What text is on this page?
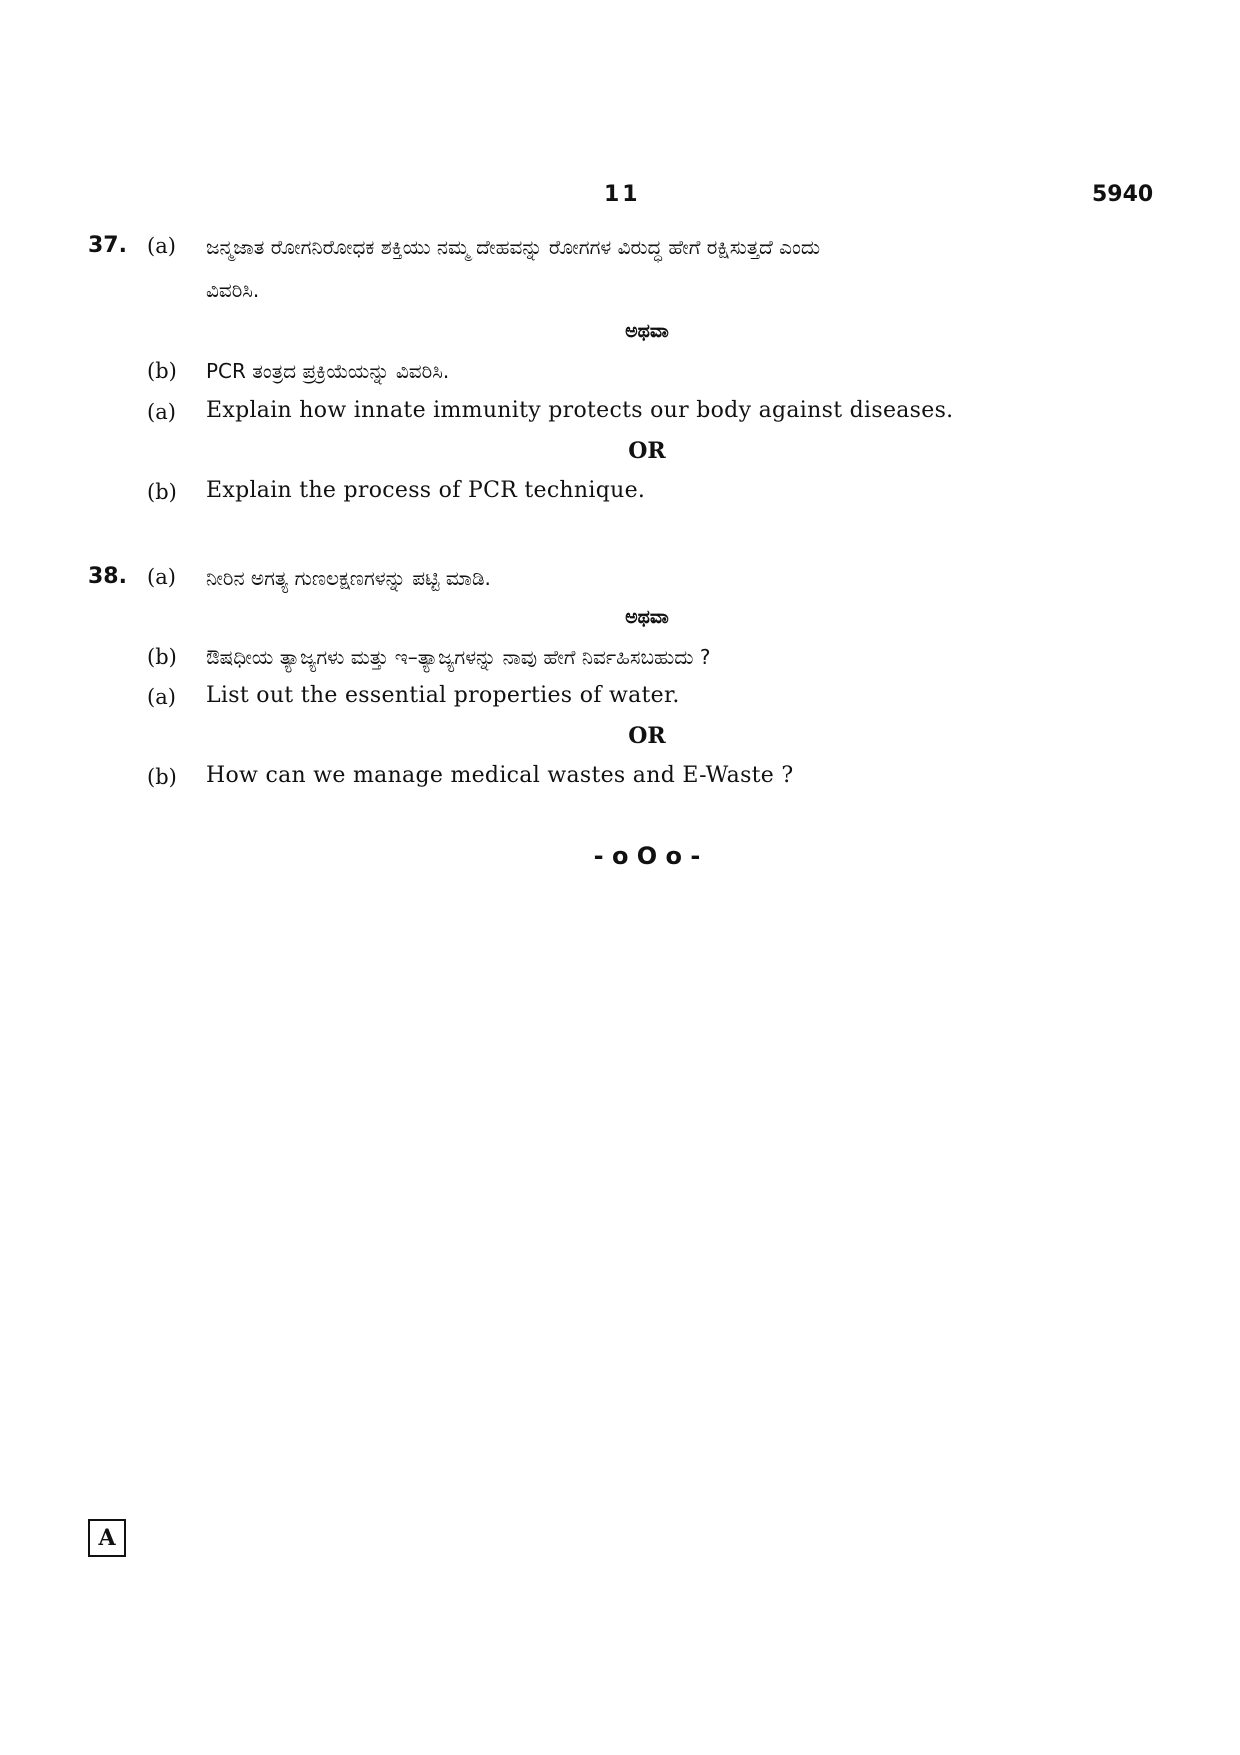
11	5940
37. (a) ಜನ್ಮಜಾತ ರೋಗನಿರೋಧಕ ಶಕ್ತಿಯು ನಮ್ಮ ದೇಹವನ್ನು ರೋಗಗಳ ವಿರುದ್ಧ ಹೇಗೆ ರಕ್ಷಿಸುತ್ತದೆ ಎಂದು
ವಿವರಿಸಿ.
ಅಥವಾ
(b) PCR ತಂತ್ರದ ಪ್ರಕ್ರಿಯೆಯನ್ನು ವಿವರಿಸಿ.
(a) Explain how innate immunity protects our body against diseases.
OR
(b) Explain the process of PCR technique.
38. (a) ನೀರಿನ ಅಗತ್ಯ ಗುಣಲಕ್ಷಣಗಳನ್ನು ಪಟ್ಟಿ ಮಾಡಿ.
ಅಥವಾ
(b) ಔಷಧೀಯ ತ್ಯಾಜ್ಯಗಳು ಮತ್ತು ಇ–ತ್ಯಾಜ್ಯಗಳನ್ನು ನಾವು ಹೇಗೆ ನಿರ್ವಹಿಸಬಹುದು ?
(a) List out the essential properties of water.
OR
(b) How can we manage medical wastes and E-Waste ?
- o O o -
A
